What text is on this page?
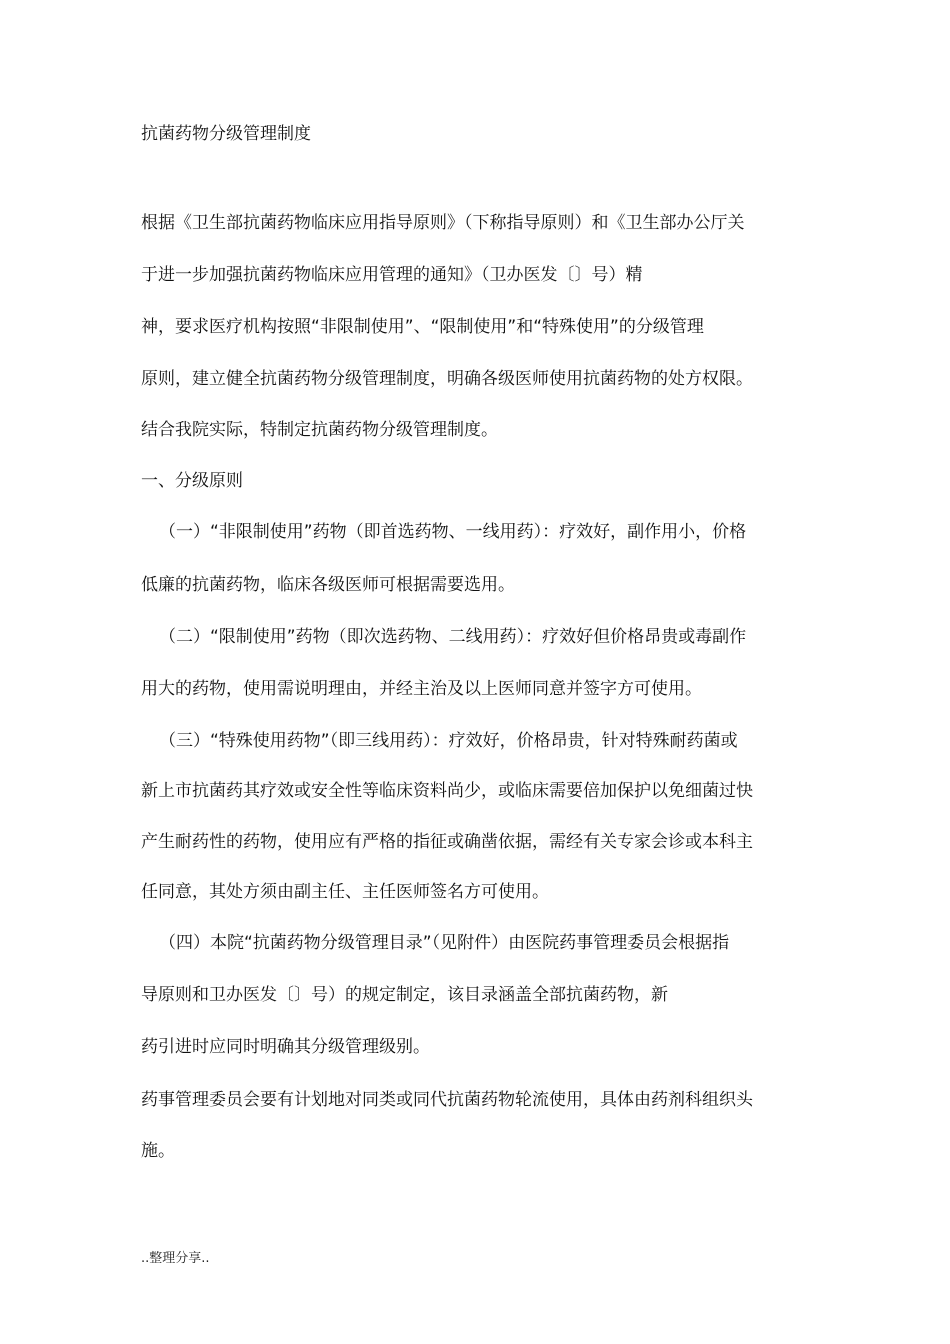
抗菌药物分级管理制度
根据《卫生部抗菌药物临床应用指导原则》（下称指导原则）和《卫生部办公厅关
于进一步加强抗菌药物临床应用管理的通知》（卫办医发〔〕号）精
神，要求医疗机构按照“非限制使用”、“限制使用”和“特殊使用”的分级管理
原则，建立健全抗菌药物分级管理制度，明确各级医师使用抗菌药物的处方权限。
结合我院实际，特制定抗菌药物分级管理制度。
一、分级原则
（一）“非限制使用”药物（即首选药物、一线用药）：疗效好，副作用小，价格
低廉的抗菌药物，临床各级医师可根据需要选用。
（二）“限制使用”药物（即次选药物、二线用药）：疗效好但价格昂贵或毒副作
用大的药物，使用需说明理由，并经主治及以上医师同意并签字方可使用。
（三）“特殊使用药物”（即三线用药）：疗效好，价格昂贵，针对特殊耐药菌或
新上市抗菌药其疗效或安全性等临床资料尚少，或临床需要倍加保护以免细菌过快
产生耐药性的药物，使用应有严格的指征或确凿依据，需经有关专家会诊或本科主
任同意，其处方须由副主任、主任医师签名方可使用。
（四）本院“抗菌药物分级管理目录”（见附件）由医院药事管理委员会根据指
导原则和卫办医发〔〕号）的规定制定，该目录涵盖全部抗菌药物，新
药引进时应同时明确其分级管理级别。
药事管理委员会要有计划地对同类或同代抗菌药物轮流使用，具体由药剂科组织头
施。
..整理分享..
